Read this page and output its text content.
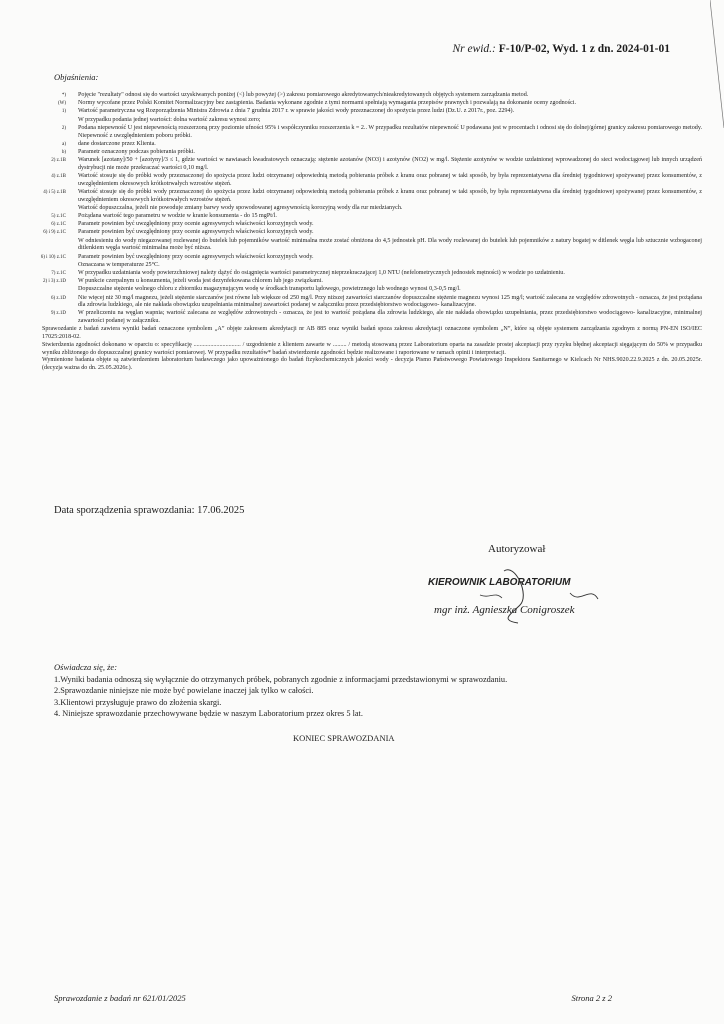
Nr ewid.: F-10/P-02, Wyd. 1 z dn. 2024-01-01
Objaśnienia:
*)	Pojęcie "rezultaty" odnosi się do wartości uzyskiwanych poniżej (<) lub powyżej (>) zakresu pomiarowego akredytowanych/nieakredytowanych objętych systemem zarządzania metod.
(W)	Normy wycofane przez Polski Komitet Normalizacyjny bez zastąpienia. Badania wykonane zgodnie z tymi normami spełniają wymagania przepisów prawnych i pozwalają na dokonanie oceny zgodności.
1)	Wartość parametryczna wg Rozporządzenia Ministra Zdrowia z dnia 7 grudnia 2017 r. w sprawie jakości wody przeznaczonej do spożycia przez ludzi (Dz.U. z 2017r., poz. 2294).
W przypadku podania jednej wartości: dolna wartość zakresu wynosi zero;
2)	Podana niepewność U jest niepewnością rozszerzoną przy poziomie ufności 95% i współczynniku rozszerzenia k = 2.. W przypadku rezultatów niepewność U podawana jest w procentach i odnosi się do dolnej/górnej granicy zakresu pomiarowego metody. Niepewność z uwzględnieniem poboru próbki.
a)	dane dostarczone przez Klienta.
b)	Parametr oznaczony podczas pobierania próbki.
2) z.1B	Warunek [azotany]/50 + [azotyny]/3 ≤ 1, gdzie wartości w nawiasach kwadratowych oznaczają: stężenie azotanów (NO3) i azotynów (NO2) w mg/l. Stężenie azotynów w wodzie uzdatnionej wprowadzonej do sieci wodociągowej lub innych urządzeń dystrybucji nie może przekraczać wartości 0,10 mg/l.
4) z.1B	Wartość stosuje się do próbki wody przeznaczonej do spożycia przez ludzi otrzymanej odpowiednią metodą pobierania próbek z kranu oraz pobranej w taki sposób, by była reprezentatywna dla średniej tygodniowej spożywanej przez konsumentów, z uwzględnieniem okresowych krótkotrwałych wzrostów stężeń.
4) i 5) z.1B	Wartość stosuje się do próbki wody przeznaczonej do spożycia przez ludzi otrzymanej odpowiednią metodą pobierania próbek z kranu oraz pobranej w taki sposób, by była reprezentatywna dla średniej tygodniowej spożywanej przez konsumentów, z uwzględnieniem okresowych krótkotrwałych wzrostów stężeń.
Wartość dopuszczalna, jeżeli nie powoduje zmiany barwy wody spowodowanej agresywnością korozyjną wody dla rur miedzianych.
5) z.1C	Pożądana wartość tego parametru w wodzie w kranie konsumenta - do 15 mgPt/l.
6) z.1C	Parametr powinien być uwzględniony przy ocenie agresywnych właściwości korozyjnych wody.
6) i 9) z.1C	Parametr powinien być uwzględniony przy ocenie agresywnych właściwości korozyjnych wody.
W odniesieniu do wody niegazowanej rozlewanej do butelek lub pojemników wartość minimalna może zostać obniżona do 4,5 jednostek pH. Dla wody rozlewanej do butelek lub pojemników z natury bogatej w ditlenek węgla lub sztucznie wzbogaconej ditlenkiem węgla wartość minimalna może być niższa.
6) i 10) z.1C	Parametr powinien być uwzględniony przy ocenie agresywnych właściwości korozyjnych wody.
Oznaczana w temperaturze 25°C.
7) z.1C	W przypadku uzdatniania wody powierzchniowej należy dążyć do osiągnięcia wartości parametrycznej nieprzekraczającej 1,0 NTU (nefelometrycznych jednostek mętności) w wodzie po uzdatnieniu.
2) i 3) z.1D	W punkcie czerpalnym u konsumenta, jeżeli woda jest dezynfekowana chlorem lub jego związkami.
Dopuszczalne stężenie wolnego chloru z zbiorniku magazynującym wodę w środkach transportu lądowego, powietrznego lub wodnego wynosi 0,3-0,5 mg/l.
6) z.1D	Nie więcej niż 30 mg/l magnezu, jeżeli stężenie siarczanów jest równe lub większe od 250 mg/l. Przy niższej zawartości siarczanów dopuszczalne stężenie magnezu wynosi 125 mg/l; wartość zalecana ze względów zdrowotnych - oznacza, że jest pożądana dla zdrowia ludzkiego, ale nie nakłada obowiązku uzupełniania minimalnej zawartości podanej w załączniku przez przedsiębiorstwo wodociągowo- kanalizacyjne.
9) z.1D	W przeliczeniu na węglan wapnia; wartość zalecana ze względów zdrowotnych - oznacza, że jest to wartość pożądana dla zdrowia ludzkiego, ale nie nakłada obowiązku uzupełniania, przez przedsiębiorstwo wodociągowo- kanalizacyjne, minimalnej zawartości podanej w załączniku.
Sprawozdanie z badań zawiera wyniki badań oznaczone symbolem „A” objęte zakresem akredytacji nr AB 885 oraz wyniki badań spoza zakresu akredytacji oznaczone symbolem „N”, które są objęte systemem zarządzania zgodnym z normą PN-EN ISO/IEC 17025:2018-02.
Stwierdzenia zgodności dokonano w oparciu o: specyfikację ............................... / uzgodnienie z klientem zawarte w ......... / metodą stosowaną przez Laboratorium oparta na zasadzie prostej akceptacji przy ryzyku błędnej akceptacji sięgającym do 50% w przypadku wyniku zbliżonego do dopuszczalnej granicy wartości pomiarowej. W przypadku rezultatów* badań stwierdzenie zgodności będzie realizowane i raportowane w ramach opinii i interpretacji.
Wymienione badania objęte są zatwierdzeniem laboratorium badawczego jako upoważnionego do badań fizykochemicznych jakości wody - decyzja Pismo Państwowego Powiatowego Inspektora Sanitarnego w Kielcach Nr NHS.9020.22.9.2025 z dn. 20.05.2025r. (decyzja ważna do dn. 25.05.2026r.).
Data sporządzenia sprawozdania: 17.06.2025
Autoryzował
KIEROWNIK LABORATORIUM
mgr inż. Agnieszka Conigroszek
Oświadcza się, że:
1.Wyniki badania odnoszą się wyłącznie do otrzymanych próbek, pobranych zgodnie z informacjami przedstawionymi w sprawozdaniu.
2.Sprawozdanie niniejsze nie może być powielane inaczej jak tylko w całości.
3.Klientowi przysługuje prawo do złożenia skargi.
4. Niniejsze sprawozdanie przechowywane będzie w naszym Laboratorium przez okres 5 lat.
KONIEC SPRAWOZDANIA
Sprawozdanie z badań nr 621/01/2025	Strona 2 z 2
